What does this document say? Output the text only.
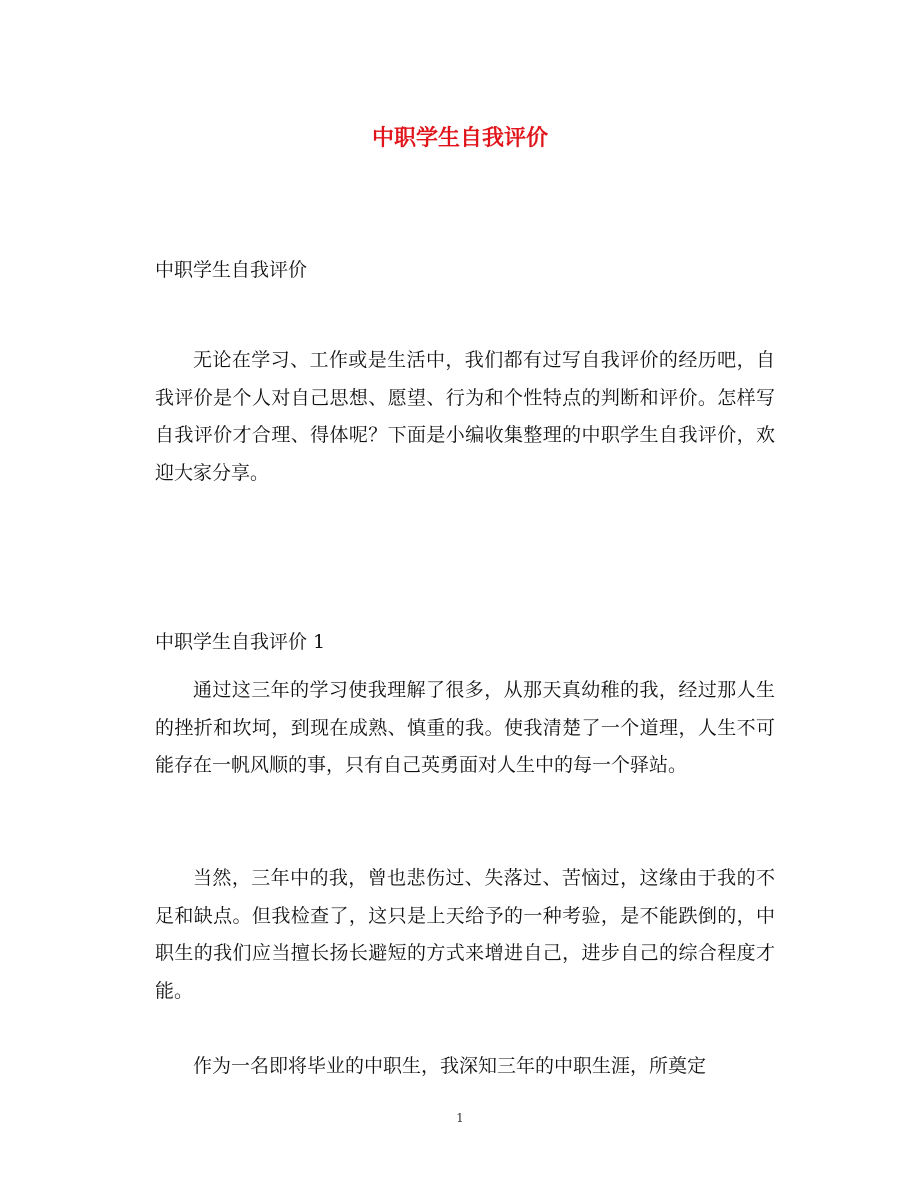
中职学生自我评价

中职学生自我评价

无论在学习、工作或是生活中，我们都有过写自我评价的经历吧，自我评价是个人对自己思想、愿望、行为和个性特点的判断和评价。怎样写自我评价才合理、得体呢？下面是小编收集整理的中职学生自我评价，欢迎大家分享。

中职学生自我评价 1

通过这三年的学习使我理解了很多，从那天真幼稚的我，经过那人生的挫折和坎坷，到现在成熟、慎重的我。使我清楚了一个道理，人生不可能存在一帆风顺的事，只有自己英勇面对人生中的每一个驿站。

当然，三年中的我，曾也悲伤过、失落过、苦恼过，这缘由于我的不足和缺点。但我检查了，这只是上天给予的一种考验，是不能跌倒的，中职生的我们应当擅长扬长避短的方式来增进自己，进步自己的综合程度才能。

作为一名即将毕业的中职生，我深知三年的中职生涯，所奠定

1
